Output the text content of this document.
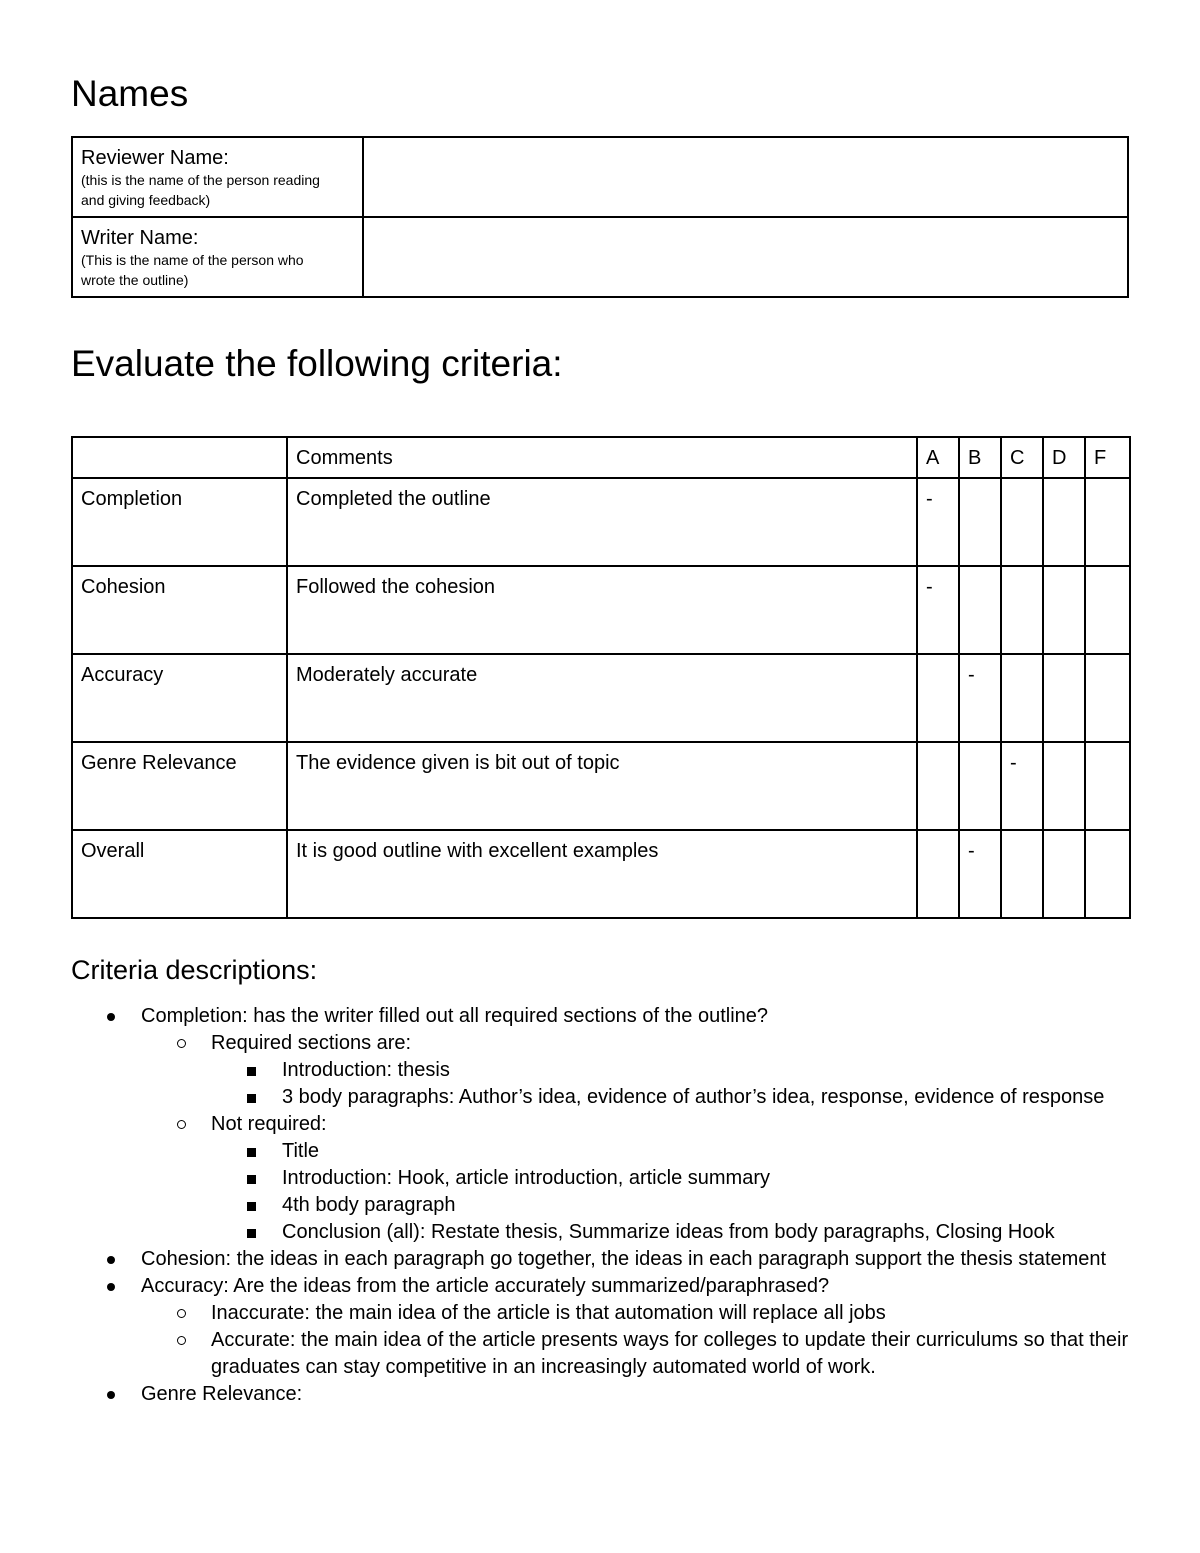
Names
Reviewer Name:
(this is the name of the person reading
and giving feedback)	

Writer Name:
(This is the name of the person who
wrote the outline)	

Evaluate the following criteria:
	Comments	A	B	C	D	F
Completion	Completed the outline	-				
Cohesion	Followed the cohesion	-				
Accuracy	Moderately accurate		-			
Genre Relevance	The evidence given is bit out of topic			-		
Overall	It is good outline with excellent examples		-			
Criteria descriptions:
Completion: has the writer filled out all required sections of the outline?
Required sections are:
Introduction: thesis
3 body paragraphs: Author’s idea, evidence of author’s idea, response, evidence of response
Not required:
Title
Introduction: Hook, article introduction, article summary
4th body paragraph
Conclusion (all): Restate thesis, Summarize ideas from body paragraphs, Closing Hook
Cohesion: the ideas in each paragraph go together, the ideas in each paragraph support the thesis statement
Accuracy: Are the ideas from the article accurately summarized/paraphrased?
Inaccurate: the main idea of the article is that automation will replace all jobs
Accurate: the main idea of the article presents ways for colleges to update their curriculums so that their graduates can stay competitive in an increasingly automated world of work.
Genre Relevance:
